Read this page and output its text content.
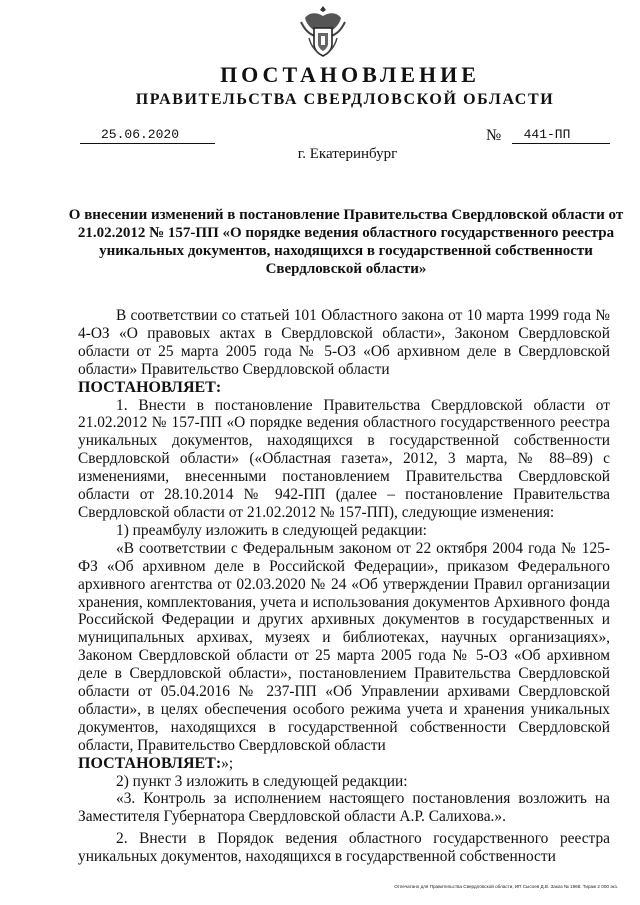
ПОСТАНОВЛЕНИЕ
ПРАВИТЕЛЬСТВА СВЕРДЛОВСКОЙ ОБЛАСТИ
25.06.2020	№	441-ПП
г. Екатеринбург
О внесении изменений в постановление Правительства Свердловской области от 21.02.2012 № 157-ПП «О порядке ведения областного государственного реестра уникальных документов, находящихся в государственной собственности Свердловской области»

В соответствии со статьей 101 Областного закона от 10 марта 1999 года № 4-ОЗ «О правовых актах в Свердловской области», Законом Свердловской области от 25 марта 2005 года № 5-ОЗ «Об архивном деле в Свердловской области» Правительство Свердловской области

ПОСТАНОВЛЯЕТ:

1. Внести в постановление Правительства Свердловской области от 21.02.2012 № 157-ПП «О порядке ведения областного государственного реестра уникальных документов, находящихся в государственной собственности Свердловской области» («Областная газета», 2012, 3 марта, № 88–89) с изменениями, внесенными постановлением Правительства Свердловской области от 28.10.2014 № 942-ПП (далее – постановление Правительства Свердловской области от 21.02.2012 № 157-ПП), следующие изменения:

1) преамбулу изложить в следующей редакции:

«В соответствии с Федеральным законом от 22 октября 2004 года № 125-ФЗ «Об архивном деле в Российской Федерации», приказом Федерального архивного агентства от 02.03.2020 № 24 «Об утверждении Правил организации хранения, комплектования, учета и использования документов Архивного фонда Российской Федерации и других архивных документов в государственных и муниципальных архивах, музеях и библиотеках, научных организациях», Законом Свердловской области от 25 марта 2005 года № 5-ОЗ «Об архивном деле в Свердловской области», постановлением Правительства Свердловской области от 05.04.2016 № 237-ПП «Об Управлении архивами Свердловской области», в целях обеспечения особого режима учета и хранения уникальных документов, находящихся в государственной собственности Свердловской области, Правительство Свердловской области

ПОСТАНОВЛЯЕТ:»;

2) пункт 3 изложить в следующей редакции:

«3. Контроль за исполнением настоящего постановления возложить на Заместителя Губернатора Свердловской области А.Р. Салихова.».

2. Внести в Порядок ведения областного государственного реестра уникальных документов, находящихся в государственной собственности

Отпечатано для Правительства Свердловской области, ИП Сысоев Д.В. Заказ № 1968. Тираж 2 000 экз.
